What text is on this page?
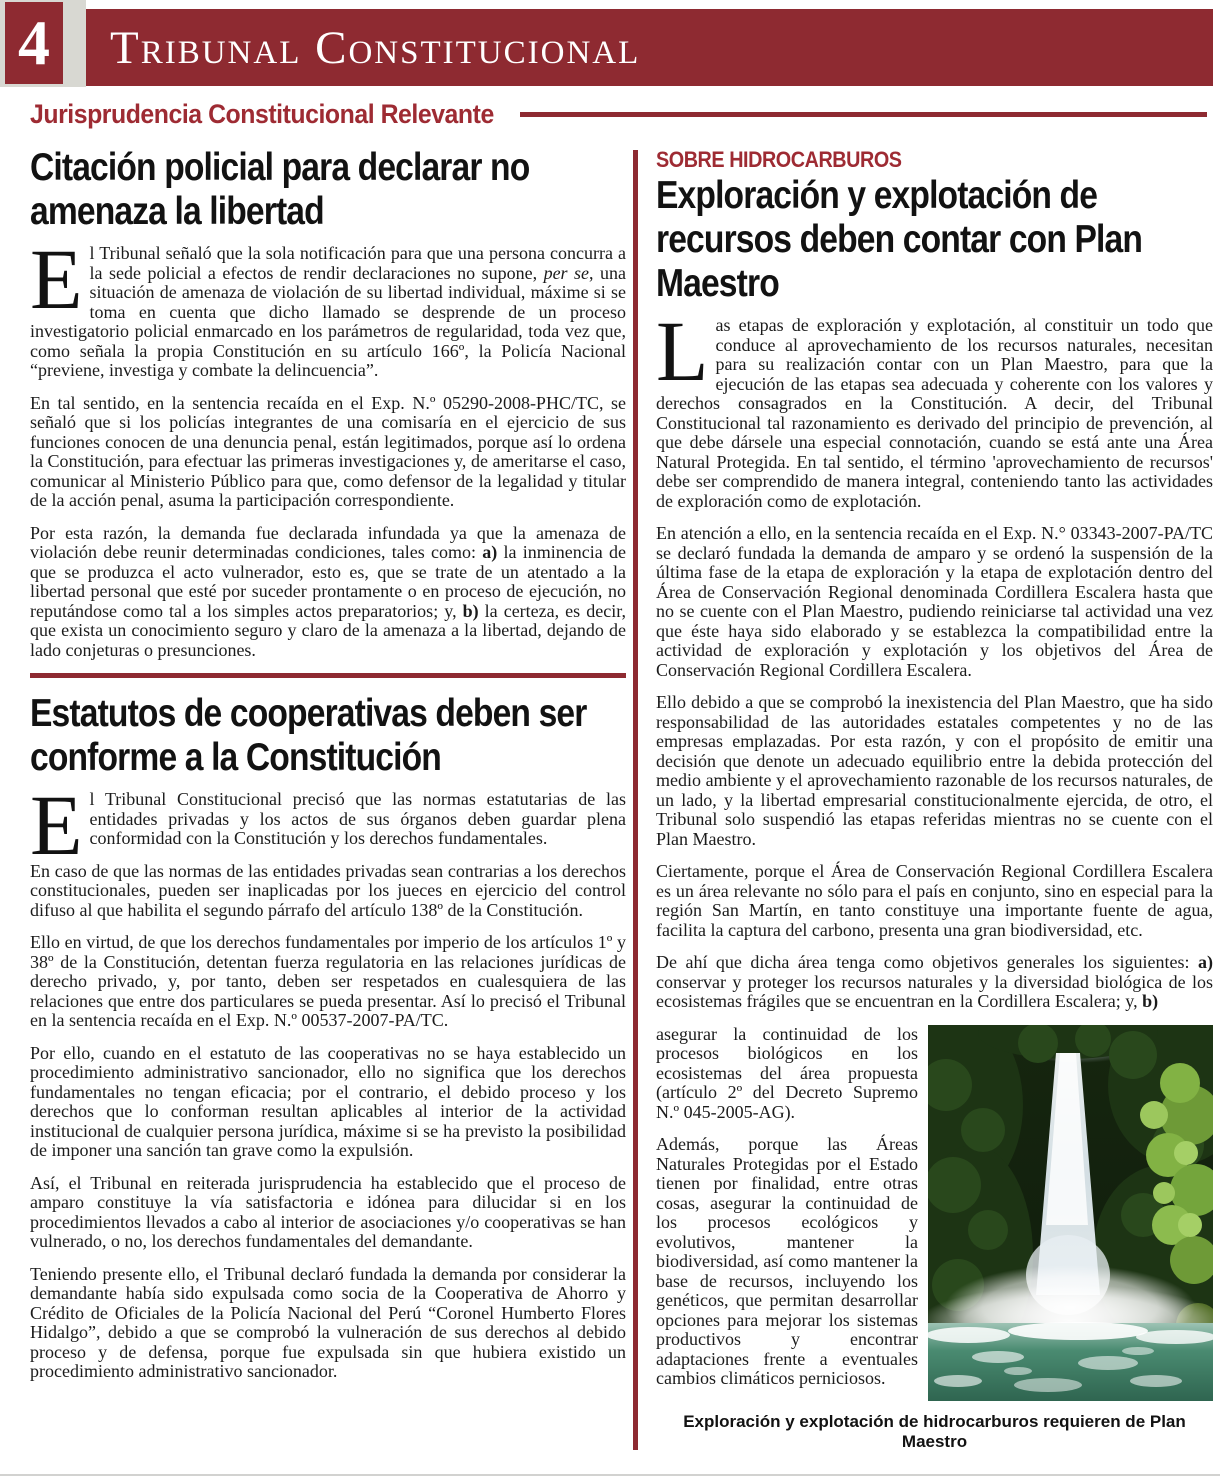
Tribunal Constitucional
4
Jurisprudencia Constitucional Relevante
Citación policial para declarar no amenaza la libertad

El Tribunal señaló que la sola notificación para que una persona concurra a la sede policial a efectos de rendir declaraciones no supone, per se, una situación de amenaza de violación de su libertad individual, máxime si se toma en cuenta que dicho llamado se desprende de un proceso investigatorio policial enmarcado en los parámetros de regularidad, toda vez que, como señala la propia Constitución en su artículo 166º, la Policía Nacional “previene, investiga y combate la delincuencia”.

En tal sentido, en la sentencia recaída en el Exp. N.º 05290-2008-PHC/TC, se señaló que si los policías integrantes de una comisaría en el ejercicio de sus funciones conocen de una denuncia penal, están legitimados, porque así lo ordena la Constitución, para efectuar las primeras investigaciones y, de ameritarse el caso, comunicar al Ministerio Público para que, como defensor de la legalidad y titular de la acción penal, asuma la participación correspondiente.

Por esta razón, la demanda fue declarada infundada ya que la amenaza de violación debe reunir determinadas condiciones, tales como: a) la inminencia de que se produzca el acto vulnerador, esto es, que se trate de un atentado a la libertad personal que esté por suceder prontamente o en proceso de ejecución, no reputándose como tal a los simples actos preparatorios; y, b) la certeza, es decir, que exista un conocimiento seguro y claro de la amenaza a la libertad, dejando de lado conjeturas o presunciones.

Estatutos de cooperativas deben ser conforme a la Constitución

El Tribunal Constitucional precisó que las normas estatutarias de las entidades privadas y los actos de sus órganos deben guardar plena conformidad con la Constitución y los derechos fundamentales.

En caso de que las normas de las entidades privadas sean contrarias a los derechos constitucionales, pueden ser inaplicadas por los jueces en ejercicio del control difuso al que habilita el segundo párrafo del artículo 138º de la Constitución.

Ello en virtud, de que los derechos fundamentales por imperio de los artículos 1º y 38º de la Constitución, detentan fuerza regulatoria en las relaciones jurídicas de derecho privado, y, por tanto, deben ser respetados en cualesquiera de las relaciones que entre dos particulares se pueda presentar. Así lo precisó el Tribunal en la sentencia recaída en el Exp. N.º 00537-2007-PA/TC.

Por ello, cuando en el estatuto de las cooperativas no se haya establecido un procedimiento administrativo sancionador, ello no significa que los derechos fundamentales no tengan eficacia; por el contrario, el debido proceso y los derechos que lo conforman resultan aplicables al interior de la actividad institucional de cualquier persona jurídica, máxime si se ha previsto la posibilidad de imponer una sanción tan grave como la expulsión.

Así, el Tribunal en reiterada jurisprudencia ha establecido que el proceso de amparo constituye la vía satisfactoria e idónea para dilucidar si en los procedimientos llevados a cabo al interior de asociaciones y/o cooperativas se han vulnerado, o no, los derechos fundamentales del demandante.

Teniendo presente ello, el Tribunal declaró fundada la demanda por considerar la demandante había sido expulsada como socia de la Cooperativa de Ahorro y Crédito de Oficiales de la Policía Nacional del Perú “Coronel Humberto Flores Hidalgo”, debido a que se comprobó la vulneración de sus derechos al debido proceso y de defensa, porque fue expulsada sin que hubiera existido un procedimiento administrativo sancionador.

SOBRE HIDROCARBUROS
Exploración y explotación de recursos deben contar con Plan Maestro

Las etapas de exploración y explotación, al constituir un todo que conduce al aprovechamiento de los recursos naturales, necesitan para su realización contar con un Plan Maestro, para que la ejecución de las etapas sea adecuada y coherente con los valores y derechos consagrados en la Constitución. A decir, del Tribunal Constitucional tal razonamiento es derivado del principio de prevención, al que debe dársele una especial connotación, cuando se está ante una Área Natural Protegida. En tal sentido, el término 'aprovechamiento de recursos' debe ser comprendido de manera integral, conteniendo tanto las actividades de exploración como de explotación.

En atención a ello, en la sentencia recaída en el Exp. N.° 03343-2007-PA/TC se declaró fundada la demanda de amparo y se ordenó la suspensión de la última fase de la etapa de exploración y la etapa de explotación dentro del Área de Conservación Regional denominada Cordillera Escalera hasta que no se cuente con el Plan Maestro, pudiendo reiniciarse tal actividad una vez que éste haya sido elaborado y se establezca la compatibilidad entre la actividad de exploración y explotación y los objetivos del Área de Conservación Regional Cordillera Escalera.

Ello debido a que se comprobó la inexistencia del Plan Maestro, que ha sido responsabilidad de las autoridades estatales competentes y no de las empresas emplazadas. Por esta razón, y con el propósito de emitir una decisión que denote un adecuado equilibrio entre la debida protección del medio ambiente y el aprovechamiento razonable de los recursos naturales, de un lado, y la libertad empresarial constitucionalmente ejercida, de otro, el Tribunal solo suspendió las etapas referidas mientras no se cuente con el Plan Maestro.

Ciertamente, porque el Área de Conservación Regional Cordillera Escalera es un área relevante no sólo para el país en conjunto, sino en especial para la región San Martín, en tanto constituye una importante fuente de agua, facilita la captura del carbono, presenta una gran biodiversidad, etc.

De ahí que dicha área tenga como objetivos generales los siguientes: a) conservar y proteger los recursos naturales y la diversidad biológica de los ecosistemas frágiles que se encuentran en la Cordillera Escalera; y, b)

asegurar la continuidad de los procesos biológicos en los ecosistemas del área propuesta (artículo 2º del Decreto Supremo N.º 045-2005-AG).

Además, porque las Áreas Naturales Protegidas por el Estado tienen por finalidad, entre otras cosas, asegurar la continuidad de los procesos ecológicos y evolutivos, mantener la biodiversidad, así como mantener la base de recursos, incluyendo los genéticos, que permitan desarrollar opciones para mejorar los sistemas productivos y encontrar adaptaciones frente a eventuales cambios climáticos perniciosos.

Exploración y explotación de hidrocarburos requieren de Plan Maestro
